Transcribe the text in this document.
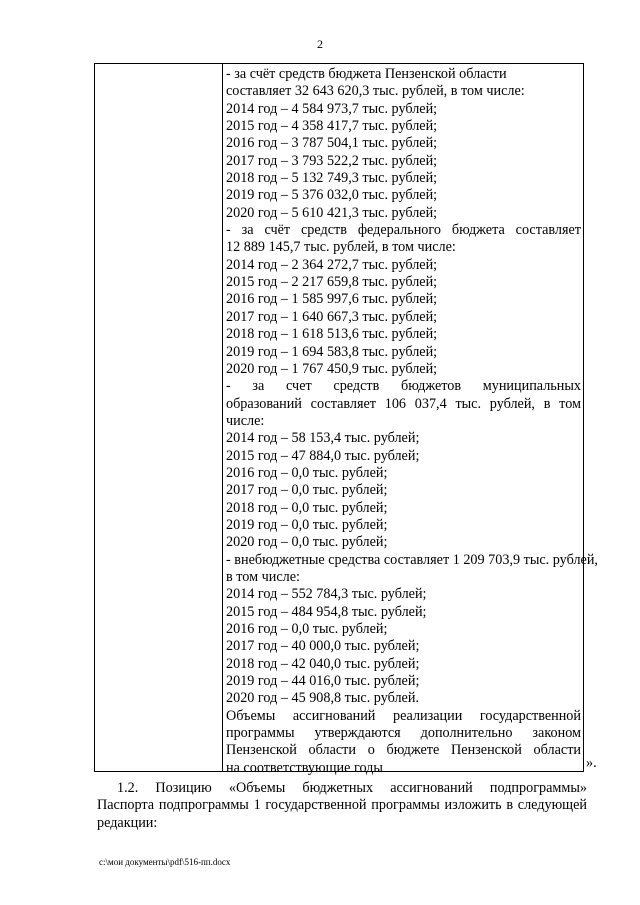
2
- за счёт средств бюджета Пензенской области
составляет 32 643 620,3 тыс. рублей, в том числе:
2014 год – 4 584 973,7 тыс. рублей;
2015 год – 4 358 417,7 тыс. рублей;
2016 год – 3 787 504,1 тыс. рублей;
2017 год – 3 793 522,2 тыс. рублей;
2018 год – 5 132 749,3 тыс. рублей;
2019 год – 5 376 032,0 тыс. рублей;
2020 год – 5 610 421,3 тыс. рублей;
- за счёт средств федерального бюджета составляет
12 889 145,7 тыс. рублей, в том числе:
2014 год – 2 364 272,7 тыс. рублей;
2015 год – 2 217 659,8 тыс. рублей;
2016 год – 1 585 997,6 тыс. рублей;
2017 год – 1 640 667,3 тыс. рублей;
2018 год – 1 618 513,6 тыс. рублей;
2019 год – 1 694 583,8 тыс. рублей;
2020 год – 1 767 450,9 тыс. рублей;
- за счет средств бюджетов муниципальных
образований составляет 106 037,4 тыс. рублей, в том
числе:
2014 год – 58 153,4 тыс. рублей;
2015 год – 47 884,0 тыс. рублей;
2016 год – 0,0 тыс. рублей;
2017 год – 0,0 тыс. рублей;
2018 год – 0,0 тыс. рублей;
2019 год – 0,0 тыс. рублей;
2020 год – 0,0 тыс. рублей;
- внебюджетные средства составляет 1 209 703,9 тыс. рублей,
в том числе:
2014 год – 552 784,3 тыс. рублей;
2015 год – 484 954,8 тыс. рублей;
2016 год – 0,0 тыс. рублей;
2017 год – 40 000,0 тыс. рублей;
2018 год – 42 040,0 тыс. рублей;
2019 год – 44 016,0 тыс. рублей;
2020 год – 45 908,8 тыс. рублей.
Объемы ассигнований реализации государственной
программы утверждаются дополнительно законом
Пензенской области о бюджете Пензенской области
на соответствующие годы	».
1.2. Позицию «Объемы бюджетных ассигнований подпрограммы»
Паспорта подпрограммы 1 государственной программы изложить в следующей
редакции:
c:\мои документы\pdf\516-пп.docx
